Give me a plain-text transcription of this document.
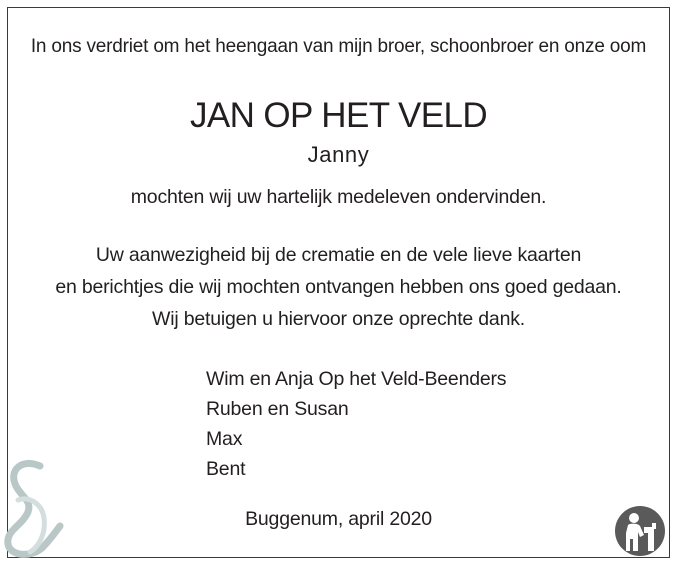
In ons verdriet om het heengaan van mijn broer, schoonbroer en onze oom
JAN OP HET VELD
Janny
mochten wij uw hartelijk medeleven ondervinden.
Uw aanwezigheid bij de crematie en de vele lieve kaarten
en berichtjes die wij mochten ontvangen hebben ons goed gedaan.
Wij betuigen u hiervoor onze oprechte dank.
Wim en Anja Op het Veld-Beenders
Ruben en Susan
Max
Bent
Buggenum, april 2020
